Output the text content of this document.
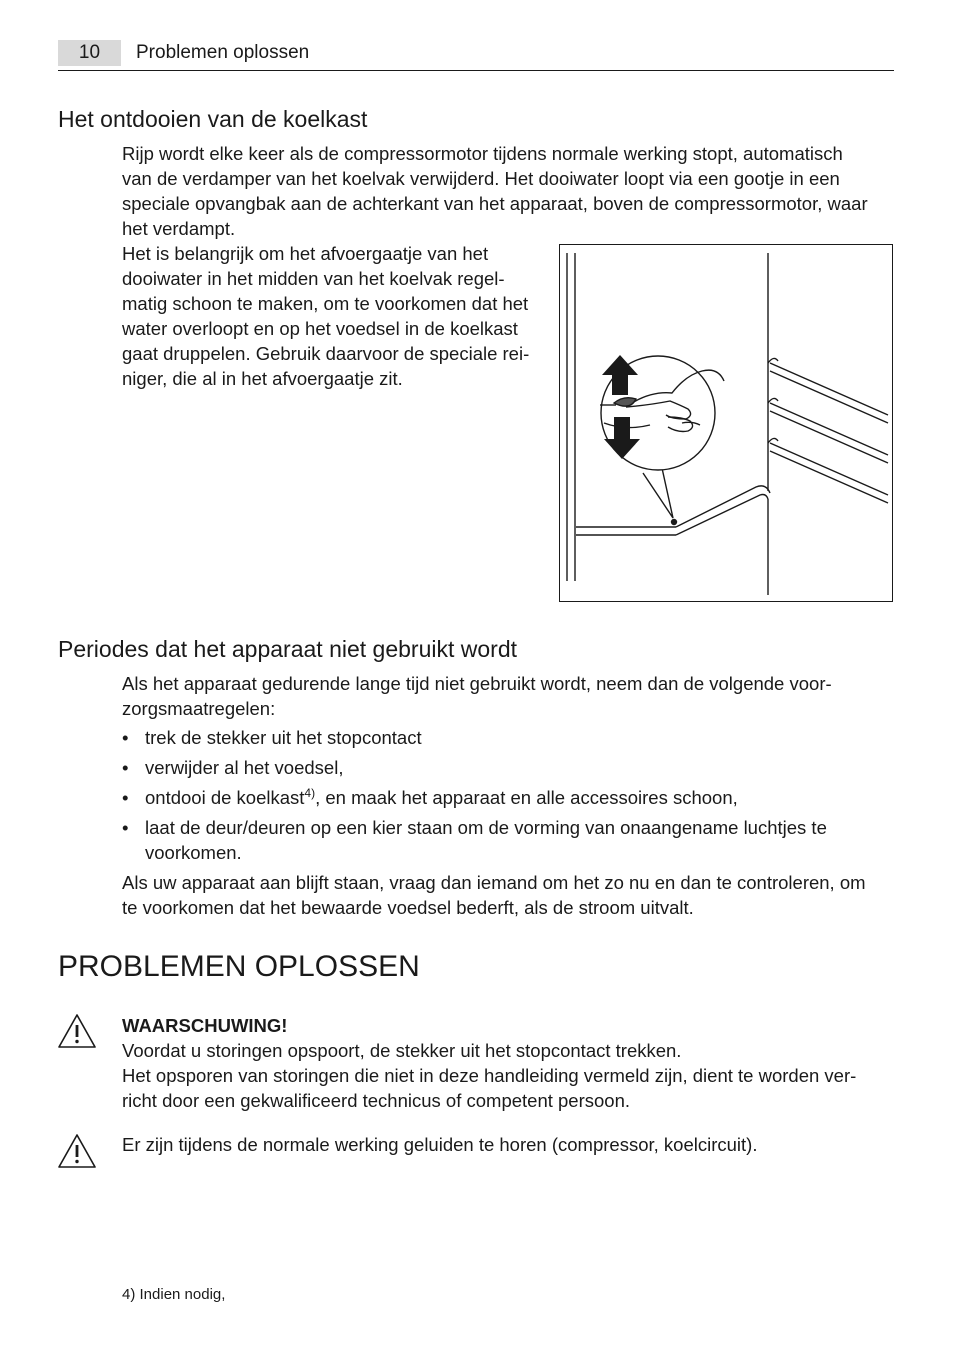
10	Problemen oplossen
Het ontdooien van de koelkast
Rijp wordt elke keer als de compressormotor tijdens normale werking stopt, automatisch
van de verdamper van het koelvak verwijderd. Het dooiwater loopt via een gootje in een
speciale opvangbak aan de achterkant van het apparaat, boven de compressormotor, waar
het verdampt.
Het is belangrijk om het afvoergaatje van het
dooiwater in het midden van het koelvak regel-
matig schoon te maken, om te voorkomen dat het
water overloopt en op het voedsel in de koelkast
gaat druppelen. Gebruik daarvoor de speciale rei-
niger, die al in het afvoergaatje zit.
Periodes dat het apparaat niet gebruikt wordt
Als het apparaat gedurende lange tijd niet gebruikt wordt, neem dan de volgende voor-
zorgsmaatregelen:
• trek de stekker uit het stopcontact
• verwijder al het voedsel,
• ontdooi de koelkast$^{4)}$, en maak het apparaat en alle accessoires schoon,
• laat de deur/deuren op een kier staan om de vorming van onaangename luchtjes te
voorkomen.
Als uw apparaat aan blijft staan, vraag dan iemand om het zo nu en dan te controleren, om
te voorkomen dat het bewaarde voedsel bederft, als de stroom uitvalt.
PROBLEMEN OPLOSSEN
WAARSCHUWING!
Voordat u storingen opspoort, de stekker uit het stopcontact trekken.
Het opsporen van storingen die niet in deze handleiding vermeld zijn, dient te worden ver-
richt door een gekwalificeerd technicus of competent persoon.
Er zijn tijdens de normale werking geluiden te horen (compressor, koelcircuit).
4) Indien nodig,
